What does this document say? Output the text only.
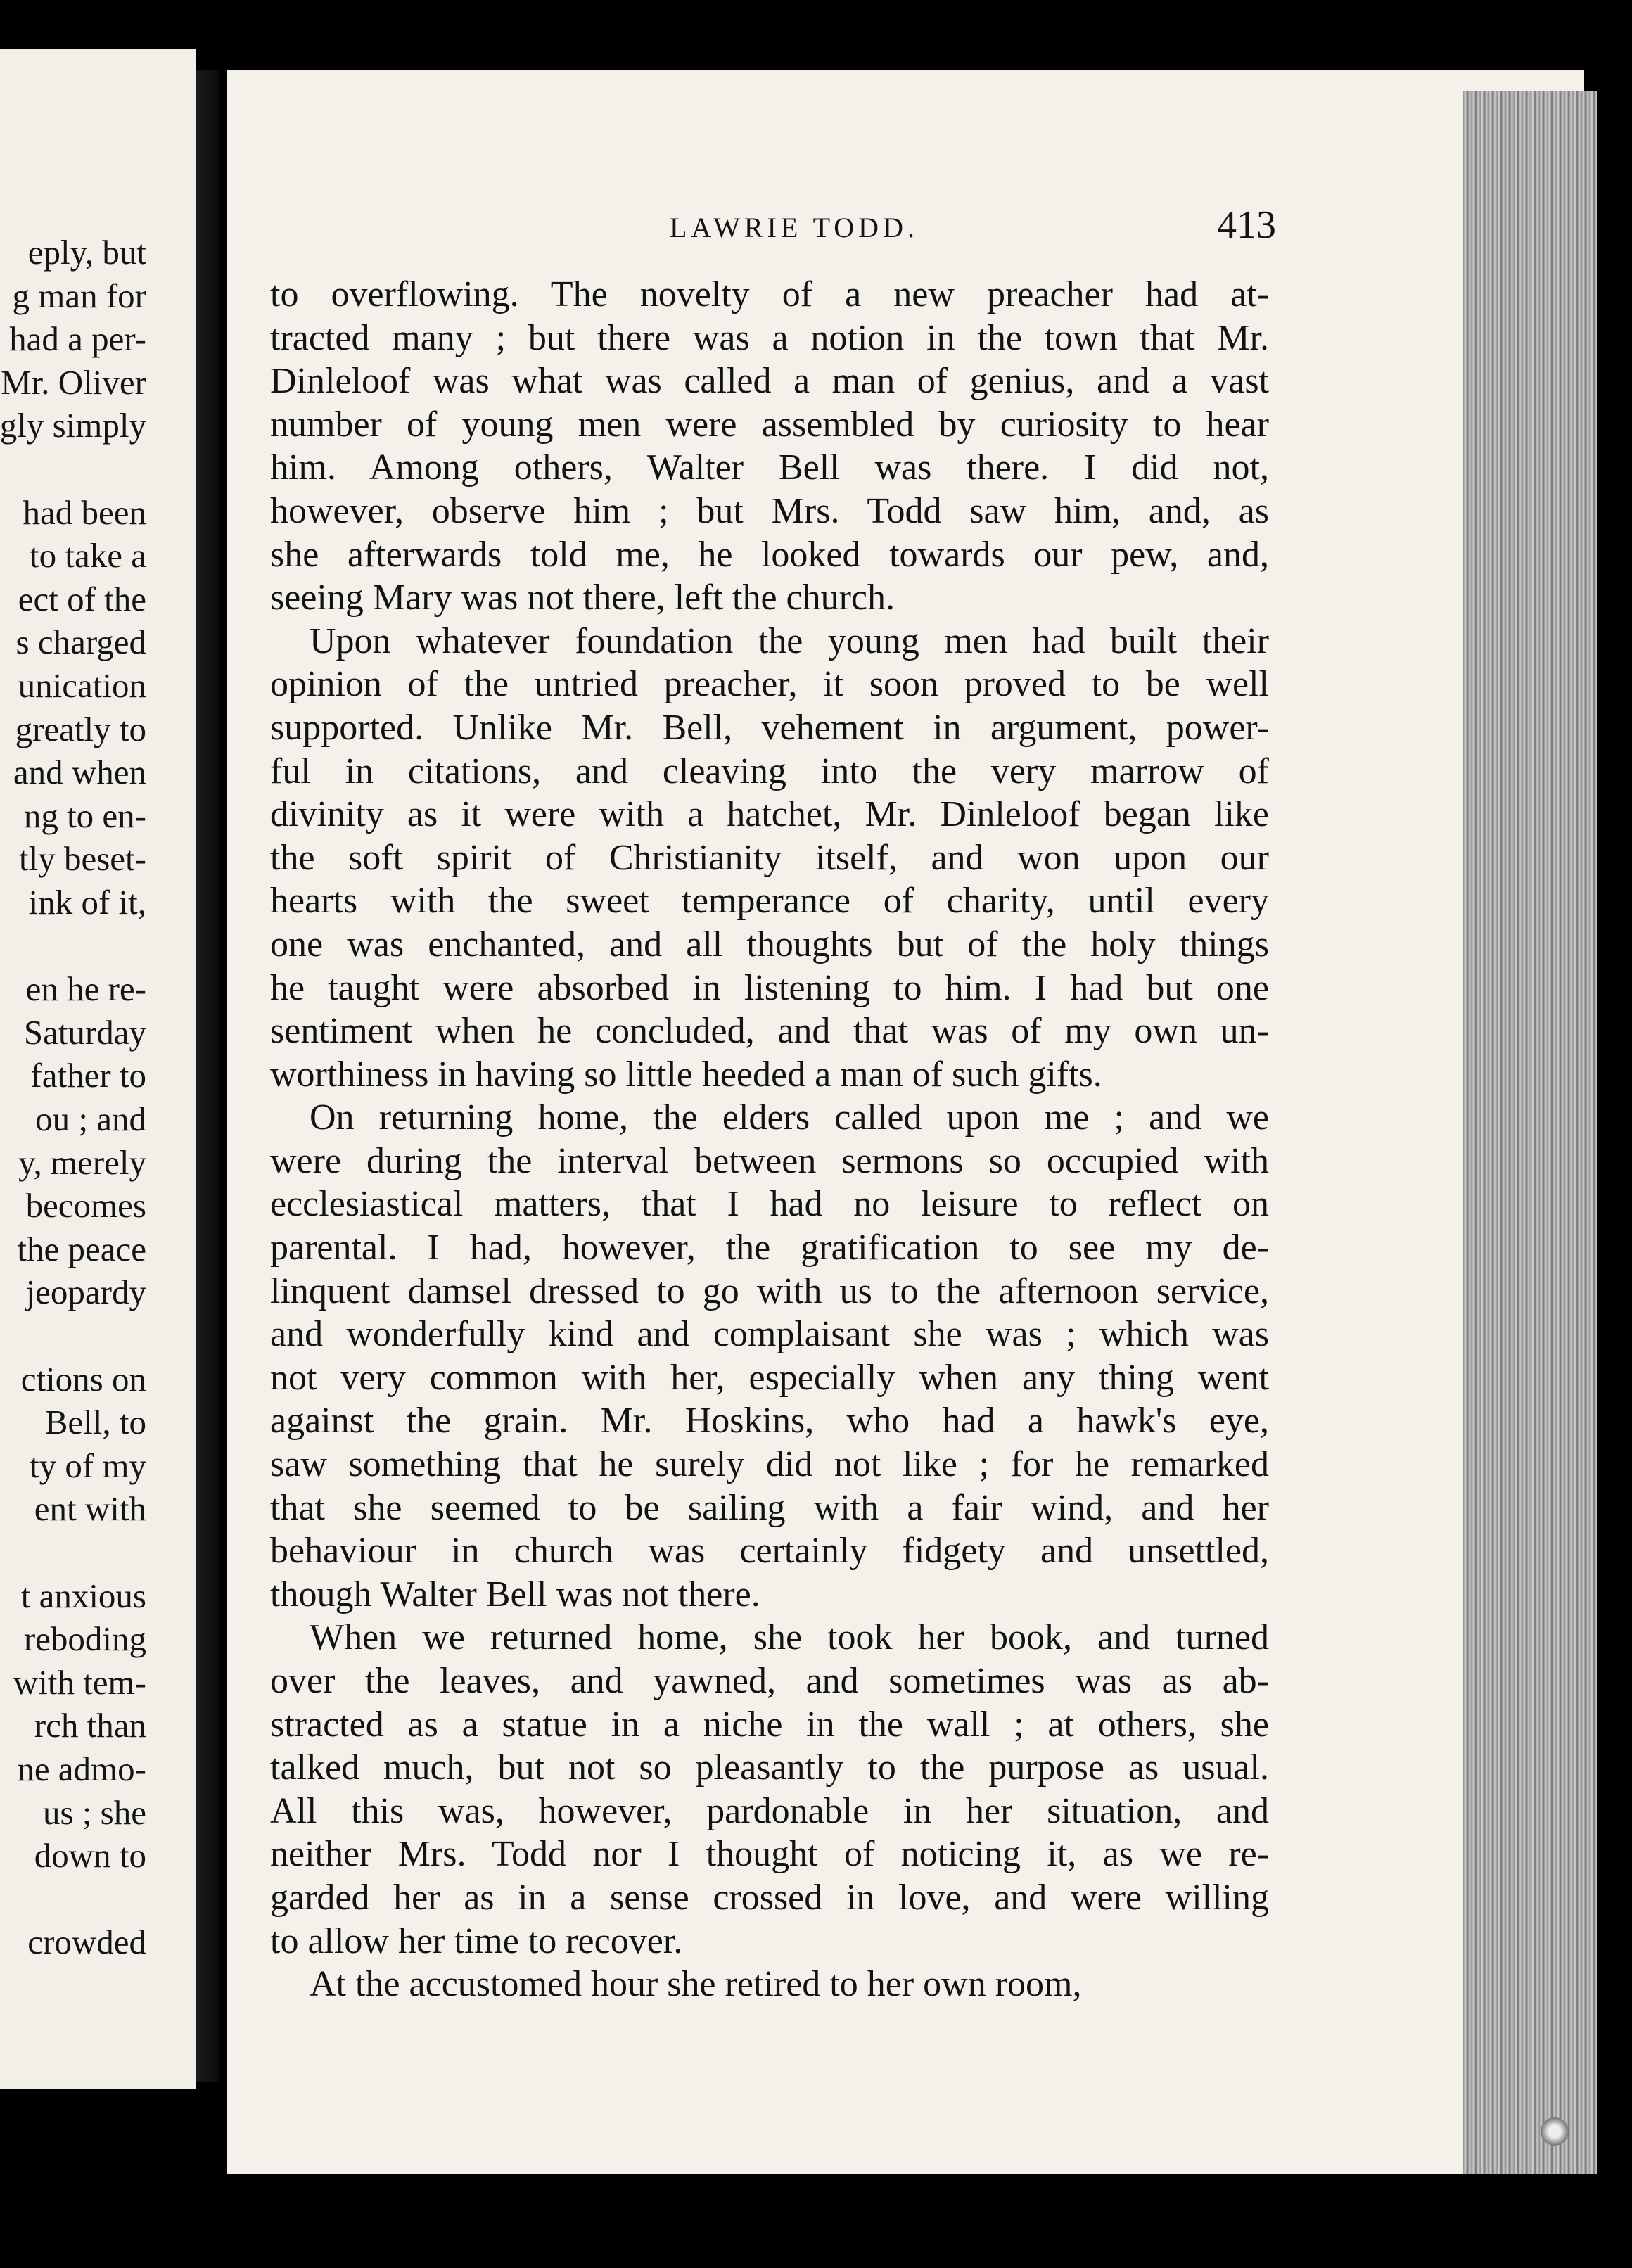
eply, but
g man for
had a per-
Mr. Oliver
gly simply
had been
to take a
ect of the
s charged
unication
greatly to
and when
ng to en-
tly beset-
ink of it,
en he re-
Saturday
father to
ou ; and
y, merely
becomes
the peace
jeopardy
ctions on
Bell, to
ty of my
ent with
t anxious
reboding
with tem-
rch than
ne admo-
us ; she
down to
crowded
LAWRIE TODD.	413
to overflowing. The novelty of a new preacher had at-
tracted many ; but there was a notion in the town that Mr.
Dinleloof was what was called a man of genius, and a vast
number of young men were assembled by curiosity to hear
him. Among others, Walter Bell was there. I did not,
however, observe him ; but Mrs. Todd saw him, and, as
she afterwards told me, he looked towards our pew, and,
seeing Mary was not there, left the church.
Upon whatever foundation the young men had built their
opinion of the untried preacher, it soon proved to be well
supported. Unlike Mr. Bell, vehement in argument, power-
ful in citations, and cleaving into the very marrow of
divinity as it were with a hatchet, Mr. Dinleloof began like
the soft spirit of Christianity itself, and won upon our
hearts with the sweet temperance of charity, until every
one was enchanted, and all thoughts but of the holy things
he taught were absorbed in listening to him. I had but one
sentiment when he concluded, and that was of my own un-
worthiness in having so little heeded a man of such gifts.
On returning home, the elders called upon me ; and we
were during the interval between sermons so occupied with
ecclesiastical matters, that I had no leisure to reflect on
parental. I had, however, the gratification to see my de-
linquent damsel dressed to go with us to the afternoon service,
and wonderfully kind and complaisant she was ; which was
not very common with her, especially when any thing went
against the grain. Mr. Hoskins, who had a hawk's eye,
saw something that he surely did not like ; for he remarked
that she seemed to be sailing with a fair wind, and her
behaviour in church was certainly fidgety and unsettled,
though Walter Bell was not there.
When we returned home, she took her book, and turned
over the leaves, and yawned, and sometimes was as ab-
stracted as a statue in a niche in the wall ; at others, she
talked much, but not so pleasantly to the purpose as usual.
All this was, however, pardonable in her situation, and
neither Mrs. Todd nor I thought of noticing it, as we re-
garded her as in a sense crossed in love, and were willing
to allow her time to recover.
At the accustomed hour she retired to her own room,
